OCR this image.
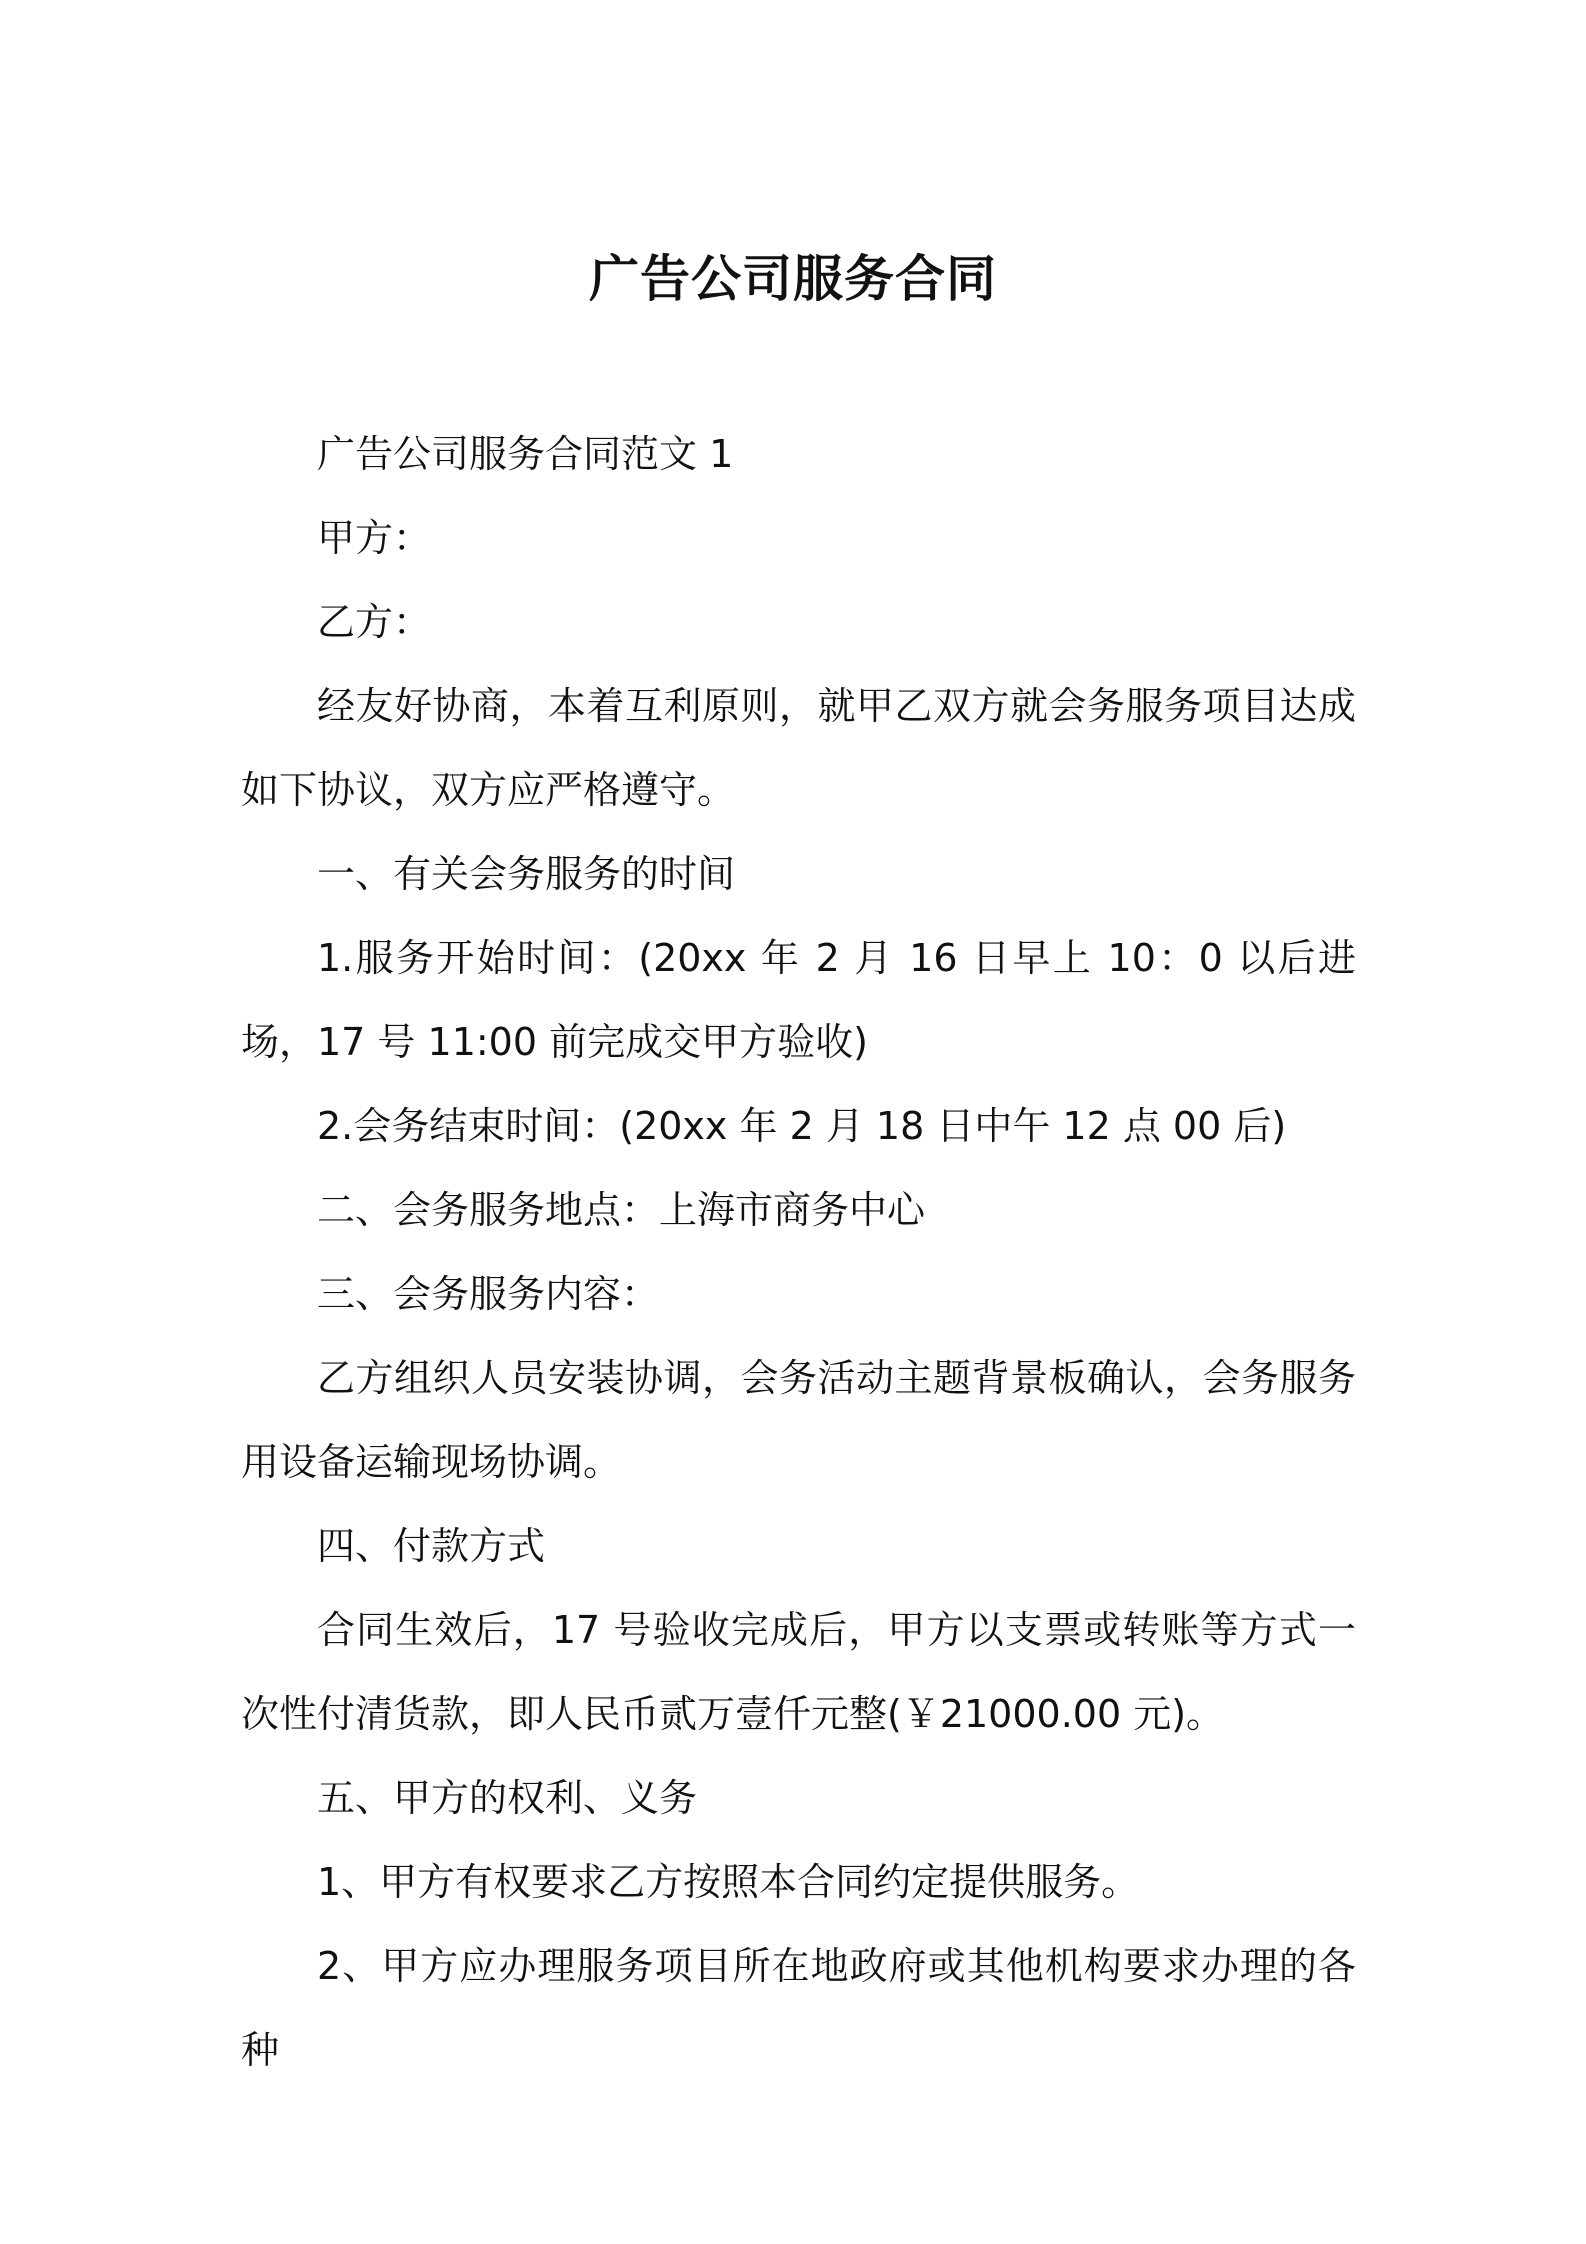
广告公司服务合同

广告公司服务合同范文 1

甲方：

乙方：

经友好协商，本着互利原则，就甲乙双方就会务服务项目达成如下协议，双方应严格遵守。

一、有关会务服务的时间

1.服务开始时间：(20xx 年 2 月 16 日早上 10：0 以后进场，17 号 11:00 前完成交甲方验收)

2.会务结束时间：(20xx 年 2 月 18 日中午 12 点 00 后)

二、会务服务地点：上海市商务中心

三、会务服务内容：

乙方组织人员安装协调，会务活动主题背景板确认，会务服务用设备运输现场协调。

四、付款方式

合同生效后，17 号验收完成后，甲方以支票或转账等方式一次性付清货款，即人民币贰万壹仟元整(￥21000.00 元)。

五、甲方的权利、义务

1、甲方有权要求乙方按照本合同约定提供服务。

2、甲方应办理服务项目所在地政府或其他机构要求办理的各种
